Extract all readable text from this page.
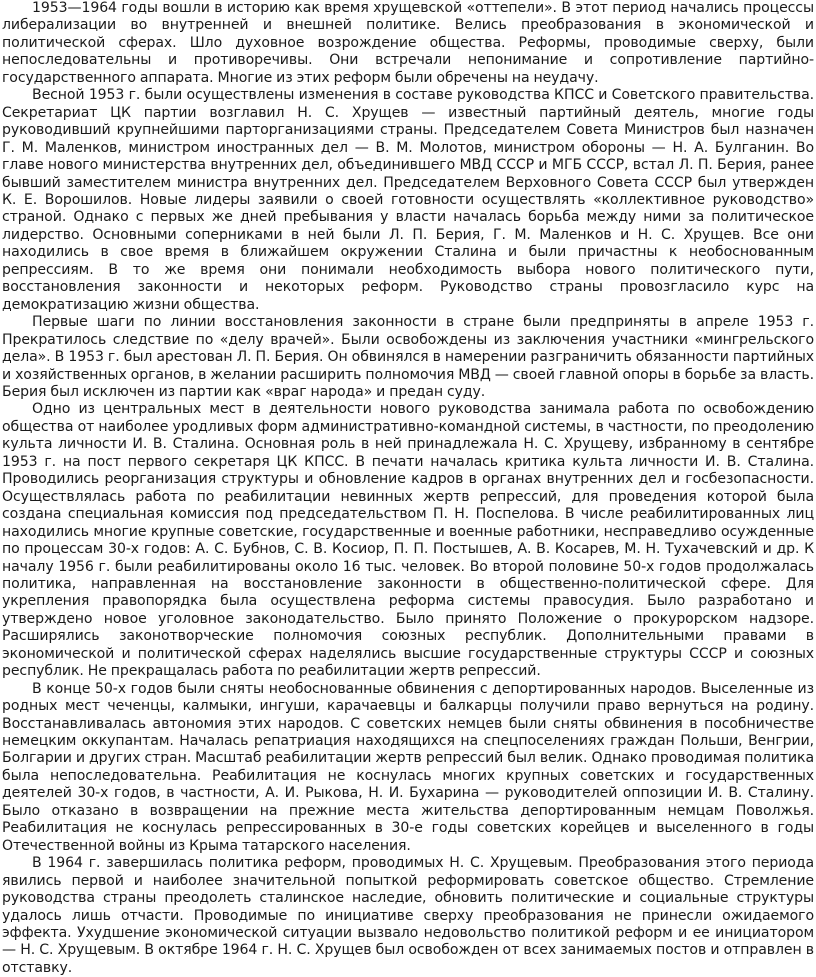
1953—1964 годы вошли в историю как время хрущевской «оттепели». В этот период начались процессы либерализации во внутренней и внешней политике. Велись преобразования в экономической и политической сферах. Шло духовное возрождение общества. Реформы, проводимые сверху, были непоследовательны и противоречивы. Они встречали непонимание и сопротивление партийно-государственного аппарата. Многие из этих реформ были обречены на неудачу.

Весной 1953 г. были осуществлены изменения в составе руководства КПСС и Советского правительства. Секретариат ЦК партии возглавил Н. С. Хрущев — известный партийный деятель, многие годы руководивший крупнейшими парторганизациями страны. Председателем Совета Министров был назначен Г. М. Маленков, министром иностранных дел — В. М. Молотов, министром обороны — Н. А. Булганин. Во главе нового министерства внутренних дел, объединившего МВД СССР и МГБ СССР, встал Л. П. Берия, ранее бывший заместителем министра внутренних дел. Председателем Верховного Совета СССР был утвержден К. Е. Ворошилов. Новые лидеры заявили о своей готовности осуществлять «коллективное руководство» страной. Однако с первых же дней пребывания у власти началась борьба между ними за политическое лидерство. Основными соперниками в ней были Л. П. Берия, Г. М. Маленков и Н. С. Хрущев. Все они находились в свое время в ближайшем окружении Сталина и были причастны к необоснованным репрессиям. В то же время они понимали необходимость выбора нового политического пути, восстановления законности и некоторых реформ. Руководство страны провозгласило курс на демократизацию жизни общества.

Первые шаги по линии восстановления законности в стране были предприняты в апреле 1953 г. Прекратилось следствие по «делу врачей». Были освобождены из заключения участники «мингрельского дела». В 1953 г. был арестован Л. П. Берия. Он обвинялся в намерении разграничить обязанности партийных и хозяйственных органов, в желании расширить полномочия МВД — своей главной опоры в борьбе за власть. Берия был исключен из партии как «враг народа» и предан суду.

Одно из центральных мест в деятельности нового руководства занимала работа по освобождению общества от наиболее уродливых форм административно-командной системы, в частности, по преодолению культа личности И. В. Сталина. Основная роль в ней принадлежала Н. С. Хрущеву, избранному в сентябре 1953 г. на пост первого секретаря ЦК КПСС. В печати началась критика культа личности И. В. Сталина. Проводились реорганизация структуры и обновление кадров в органах внутренних дел и госбезопасности. Осуществлялась работа по реабилитации невинных жертв репрессий, для проведения которой была создана специальная комиссия под председательством П. Н. Поспелова. В числе реабилитированных лиц находились многие крупные советские, государственные и военные работники, несправедливо осужденные по процессам 30-х годов: А. С. Бубнов, С. В. Косиор, П. П. Постышев, А. В. Косарев, М. Н. Тухачевский и др. К началу 1956 г. были реабилитированы около 16 тыс. человек. Во второй половине 50-х годов продолжалась политика, направленная на восстановление законности в общественно-политической сфере. Для укрепления правопорядка была осуществлена реформа системы правосудия. Было разработано и утверждено новое уголовное законодательство. Было принято Положение о прокурорском надзоре. Расширялись законотворческие полномочия союзных республик. Дополнительными правами в экономической и политической сферах наделялись высшие государственные структуры СССР и союзных республик. Не прекращалась работа по реабилитации жертв репрессий.

В конце 50-х годов были сняты необоснованные обвинения с депортированных народов. Выселенные из родных мест чеченцы, калмыки, ингуши, карачаевцы и балкарцы получили право вернуться на родину. Восстанавливалась автономия этих народов. С советских немцев были сняты обвинения в пособничестве немецким оккупантам. Началась репатриация находящихся на спецпоселениях граждан Польши, Венгрии, Болгарии и других стран. Масштаб реабилитации жертв репрессий был велик. Однако проводимая политика была непоследовательна. Реабилитация не коснулась многих крупных советских и государственных деятелей 30-х годов, в частности, А. И. Рыкова, Н. И. Бухарина — руководителей оппозиции И. В. Сталину. Было отказано в возвращении на прежние места жительства депортированным немцам Поволжья. Реабилитация не коснулась репрессированных в 30-е годы советских корейцев и выселенного в годы Отечественной войны из Крыма татарского населения.

В 1964 г. завершилась политика реформ, проводимых Н. С. Хрущевым. Преобразования этого периода явились первой и наиболее значительной попыткой реформировать советское общество. Стремление руководства страны преодолеть сталинское наследие, обновить политические и социальные структуры удалось лишь отчасти. Проводимые по инициативе сверху преобразования не принесли ожидаемого эффекта. Ухудшение экономической ситуации вызвало недовольство политикой реформ и ее инициатором — Н. С. Хрущевым. В октябре 1964 г. Н. С. Хрущев был освобожден от всех занимаемых постов и отправлен в отставку.
